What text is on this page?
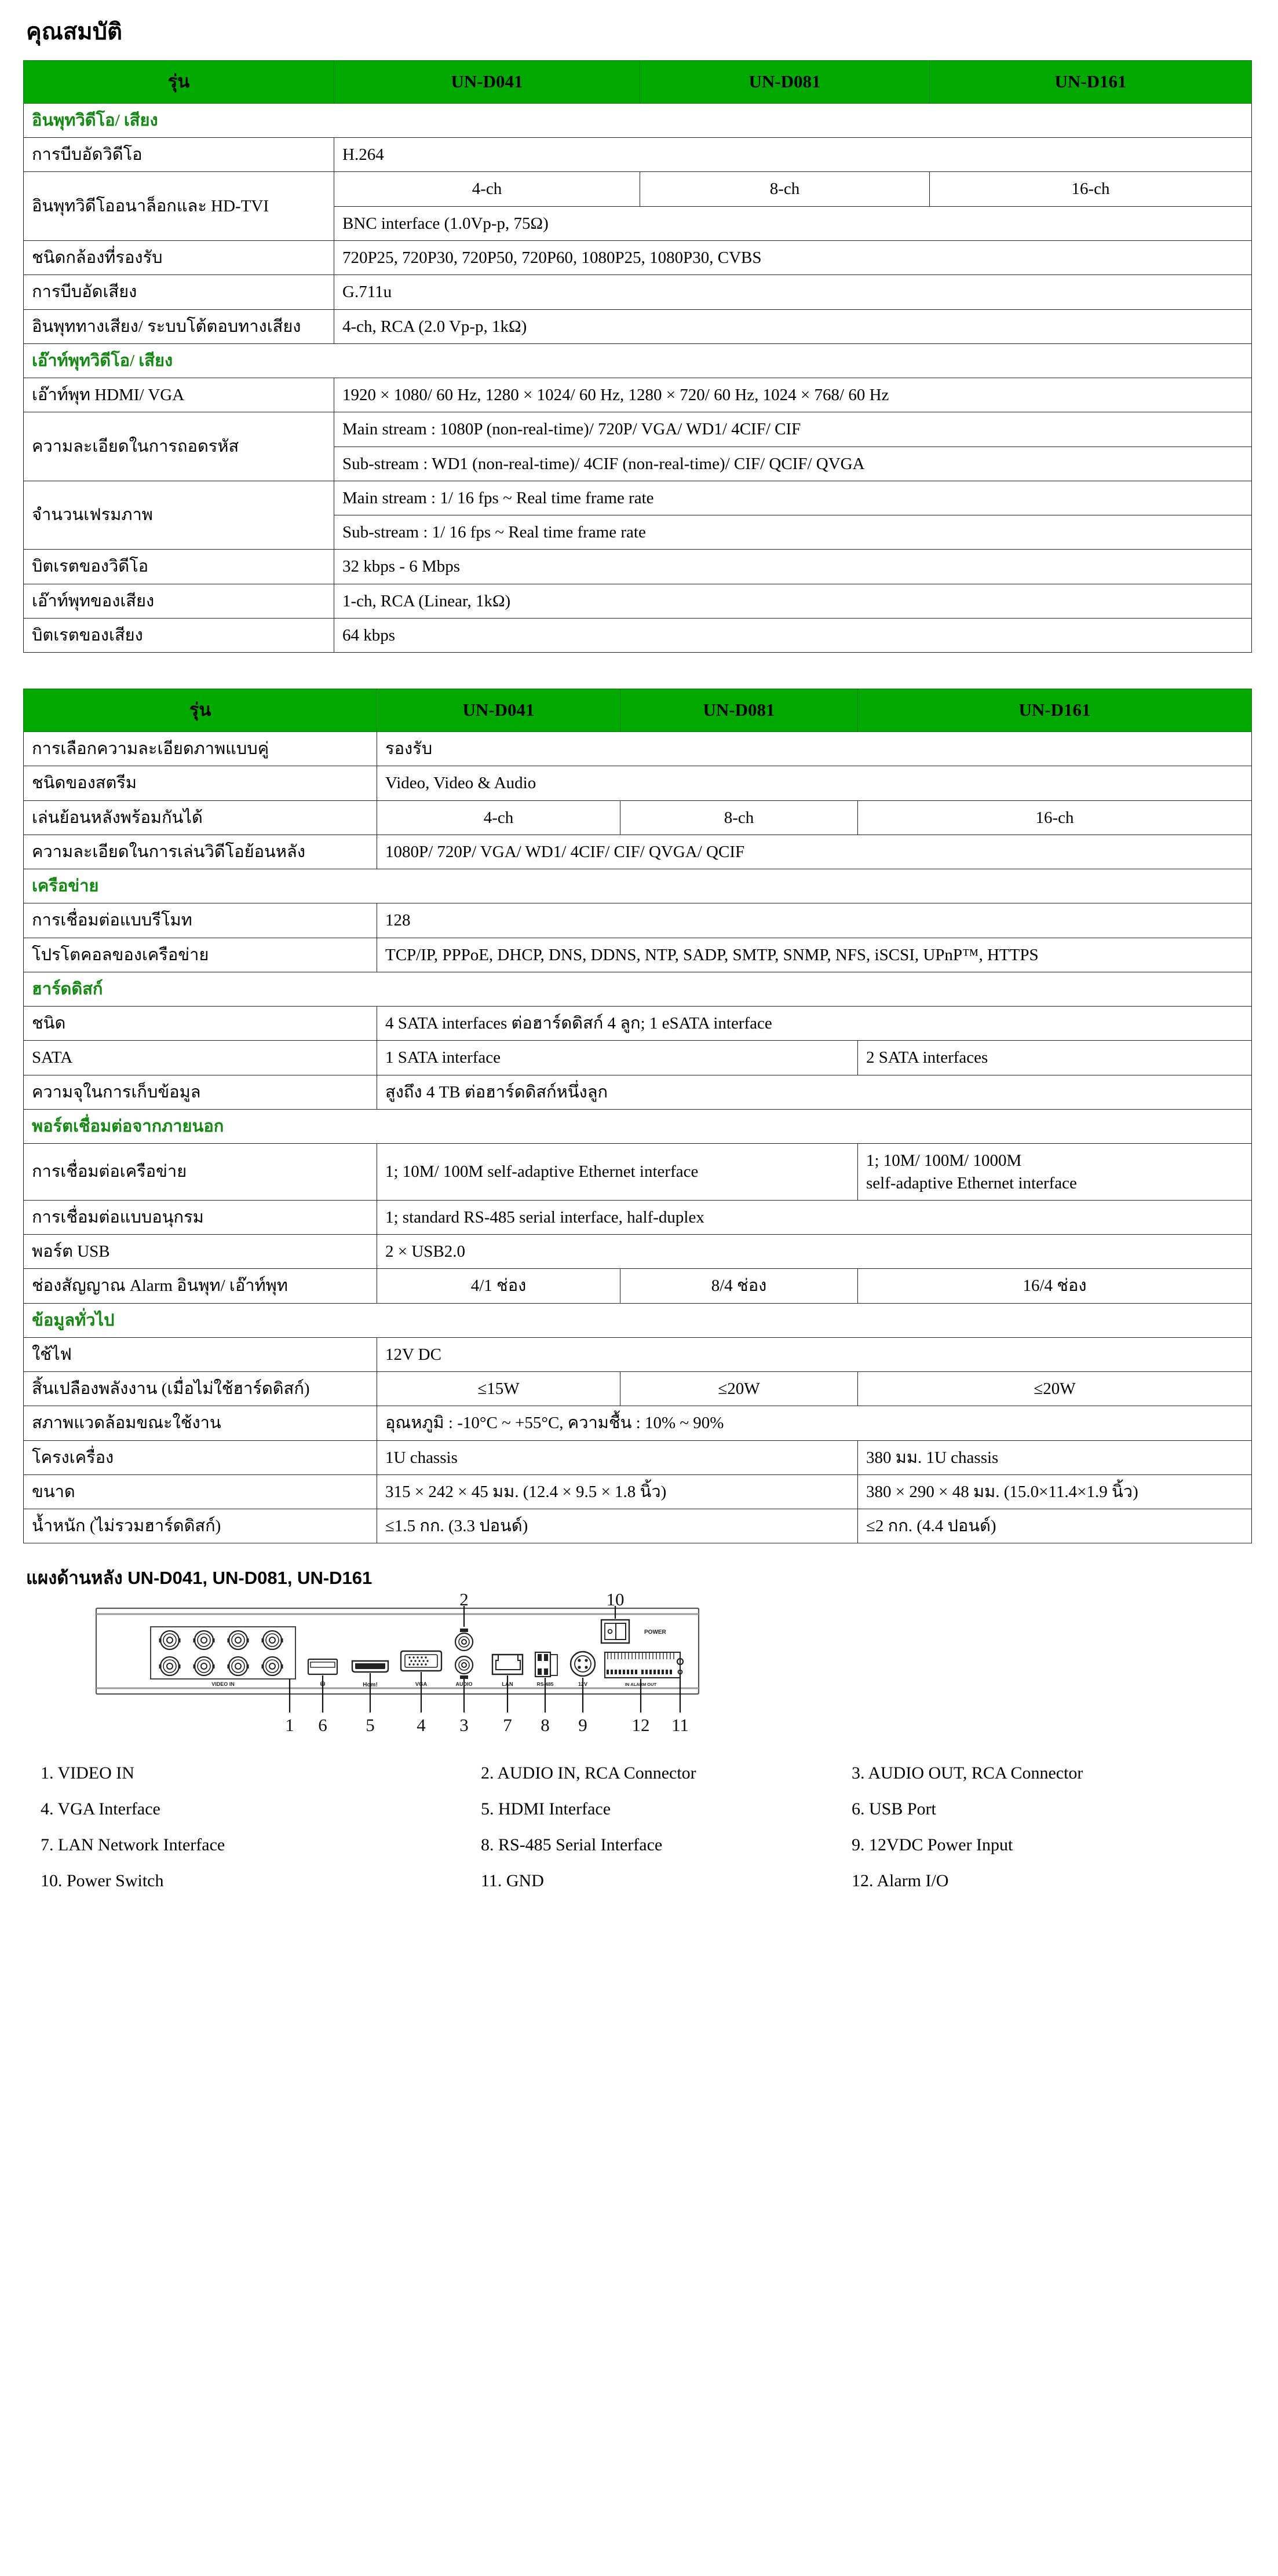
คุณสมบัติ
รุ่น	UN-D041	UN-D081	UN-D161
อินพุทวิดีโอ/ เสียง			
การบีบอัดวิดีโอ	H.264		
อินพุทวิดีโออนาล็อกและ HD-TVI	4-ch	8-ch	16-ch
	BNC interface (1.0Vp-p, 75Ω)		
ชนิดกล้องที่รองรับ	720P25, 720P30, 720P50, 720P60, 1080P25, 1080P30, CVBS		
การบีบอัดเสียง	G.711u		
อินพุททางเสียง/ ระบบโต้ตอบทางเสียง	4-ch, RCA (2.0 Vp-p, 1kΩ)		
เอ๊าท์พุทวิดีโอ/ เสียง			
เอ๊าท์พุท HDMI/ VGA	1920 × 1080/ 60 Hz, 1280 × 1024/ 60 Hz, 1280 × 720/ 60 Hz, 1024 × 768/ 60 Hz		
ความละเอียดในการถอดรหัส	Main stream : 1080P (non-real-time)/ 720P/ VGA/ WD1/ 4CIF/ CIF		
	Sub-stream : WD1 (non-real-time)/ 4CIF (non-real-time)/ CIF/ QCIF/ QVGA		
จำนวนเฟรมภาพ	Main stream : 1/ 16 fps ~ Real time frame rate		
	Sub-stream : 1/ 16 fps ~ Real time frame rate		
บิตเรตของวิดีโอ	32 kbps - 6 Mbps		
เอ๊าท์พุทของเสียง	1-ch, RCA (Linear, 1kΩ)		
บิตเรตของเสียง	64 kbps		
รุ่น	UN-D041	UN-D081	UN-D161
การเลือกความละเอียดภาพแบบคู่	รองรับ		
ชนิดของสตรีม	Video, Video & Audio		
เล่นย้อนหลังพร้อมกันได้	4-ch	8-ch	16-ch
ความละเอียดในการเล่นวิดีโอย้อนหลัง	1080P/ 720P/ VGA/ WD1/ 4CIF/ CIF/ QVGA/ QCIF		
เครือข่าย			
การเชื่อมต่อแบบรีโมท	128		
โปรโตคอลของเครือข่าย	TCP/IP, PPPoE, DHCP, DNS, DDNS, NTP, SADP, SMTP, SNMP, NFS, iSCSI, UPnP™, HTTPS		
ฮาร์ดดิสก์			
ชนิด	4 SATA interfaces ต่อฮาร์ดดิสก์ 4 ลูก; 1 eSATA interface		
SATA	1 SATA interface		2 SATA interfaces
ความจุในการเก็บข้อมูล	สูงถึง 4 TB ต่อฮาร์ดดิสก์หนึ่งลูก		
พอร์ตเชื่อมต่อจากภายนอก			
การเชื่อมต่อเครือข่าย	1; 10M/ 100M self-adaptive Ethernet interface		1; 10M/ 100M/ 1000M
self-adaptive Ethernet interface

การเชื่อมต่อแบบอนุกรม	1; standard RS-485 serial interface, half-duplex		
พอร์ต USB	2 × USB2.0		
ช่องสัญญาณ Alarm อินพุท/ เอ๊าท์พุท	4/1 ช่อง	8/4 ช่อง	16/4 ช่อง
ข้อมูลทั่วไป			
ใช้ไฟ	12V DC		
สิ้นเปลืองพลังงาน (เมื่อไม่ใช้ฮาร์ดดิสก์)	≤15W	≤20W	≤20W
สภาพแวดล้อมขณะใช้งาน	อุณหภูมิ : -10°C ~ +55°C, ความชื้น : 10% ~ 90%		
โครงเครื่อง	1U chassis		380 มม. 1U chassis
ขนาด	315 × 242 × 45 มม. (12.4 × 9.5 × 1.8 นิ้ว)		380 × 290 × 48 มม. (15.0×11.4×1.9 นิ้ว)
น้ำหนัก (ไม่รวมฮาร์ดดิสก์)	≤1.5 กก. (3.3 ปอนด์)		≤2 กก. (4.4 ปอนด์)
แผงด้านหลัง UN-D041, UN-D081, UN-D161
VIDEO IN	⛁	Hom!	VGA	AUDIO	LAN	RS-485	12V	IN ALARM OUT
POWER
2	10
1 6 5 4 3 7 8 9 12 11
1. VIDEO IN	2. AUDIO IN, RCA Connector	3. AUDIO OUT, RCA Connector
4. VGA Interface	5. HDMI Interface	6. USB Port
7. LAN Network Interface	8. RS-485 Serial Interface	9. 12VDC Power Input
10. Power Switch	11. GND	12. Alarm I/O
